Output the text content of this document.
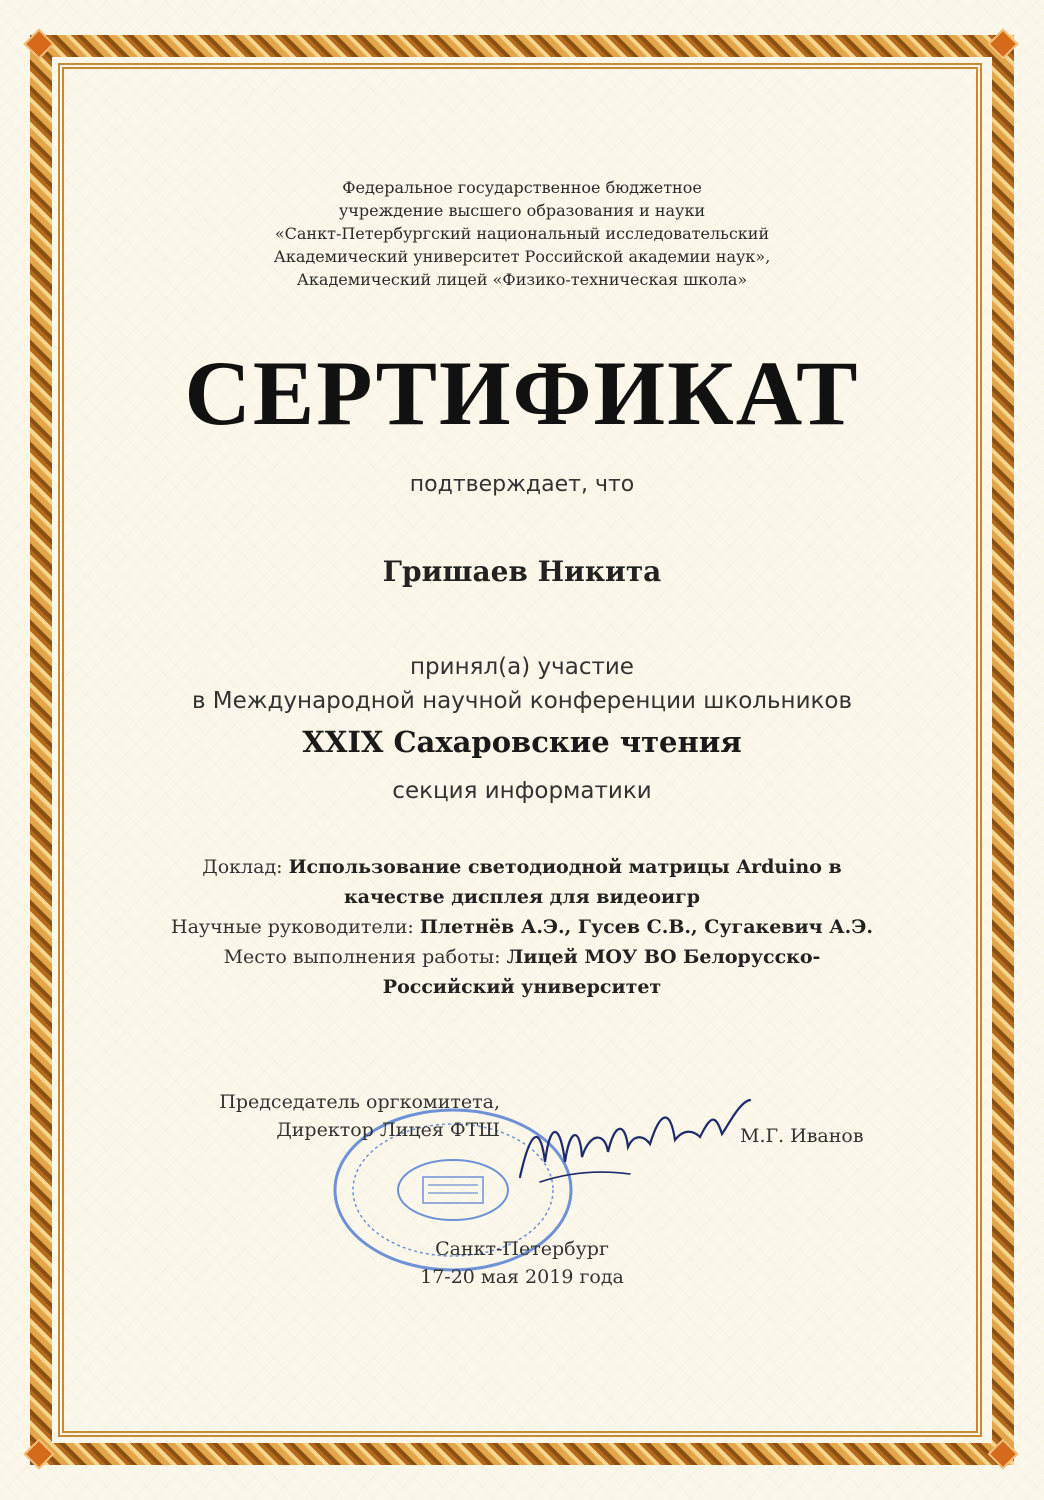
Федеральное государственное бюджетное
учреждение высшего образования и науки
«Санкт-Петербургский национальный исследовательский
Академический университет Российской академии наук»,
Академический лицей «Физико-техническая школа»
СЕРТИФИКАТ
подтверждает, что
Гришаев Никита
принял(а) участие
в Международной научной конференции школьников
XXIX Сахаровские чтения
секция информатики
Доклад: Использование светодиодной матрицы Arduino в
качестве дисплея для видеоигр
Научные руководители: Плетнёв А.Э., Гусев С.В., Сугакевич А.Э.
Место выполнения работы: Лицей МОУ ВО Белорусско-
Российский университет
Председатель оргкомитета,
Директор Лицея ФТШ	М.Г. Иванов
Санкт-Петербург
17-20 мая 2019 года
